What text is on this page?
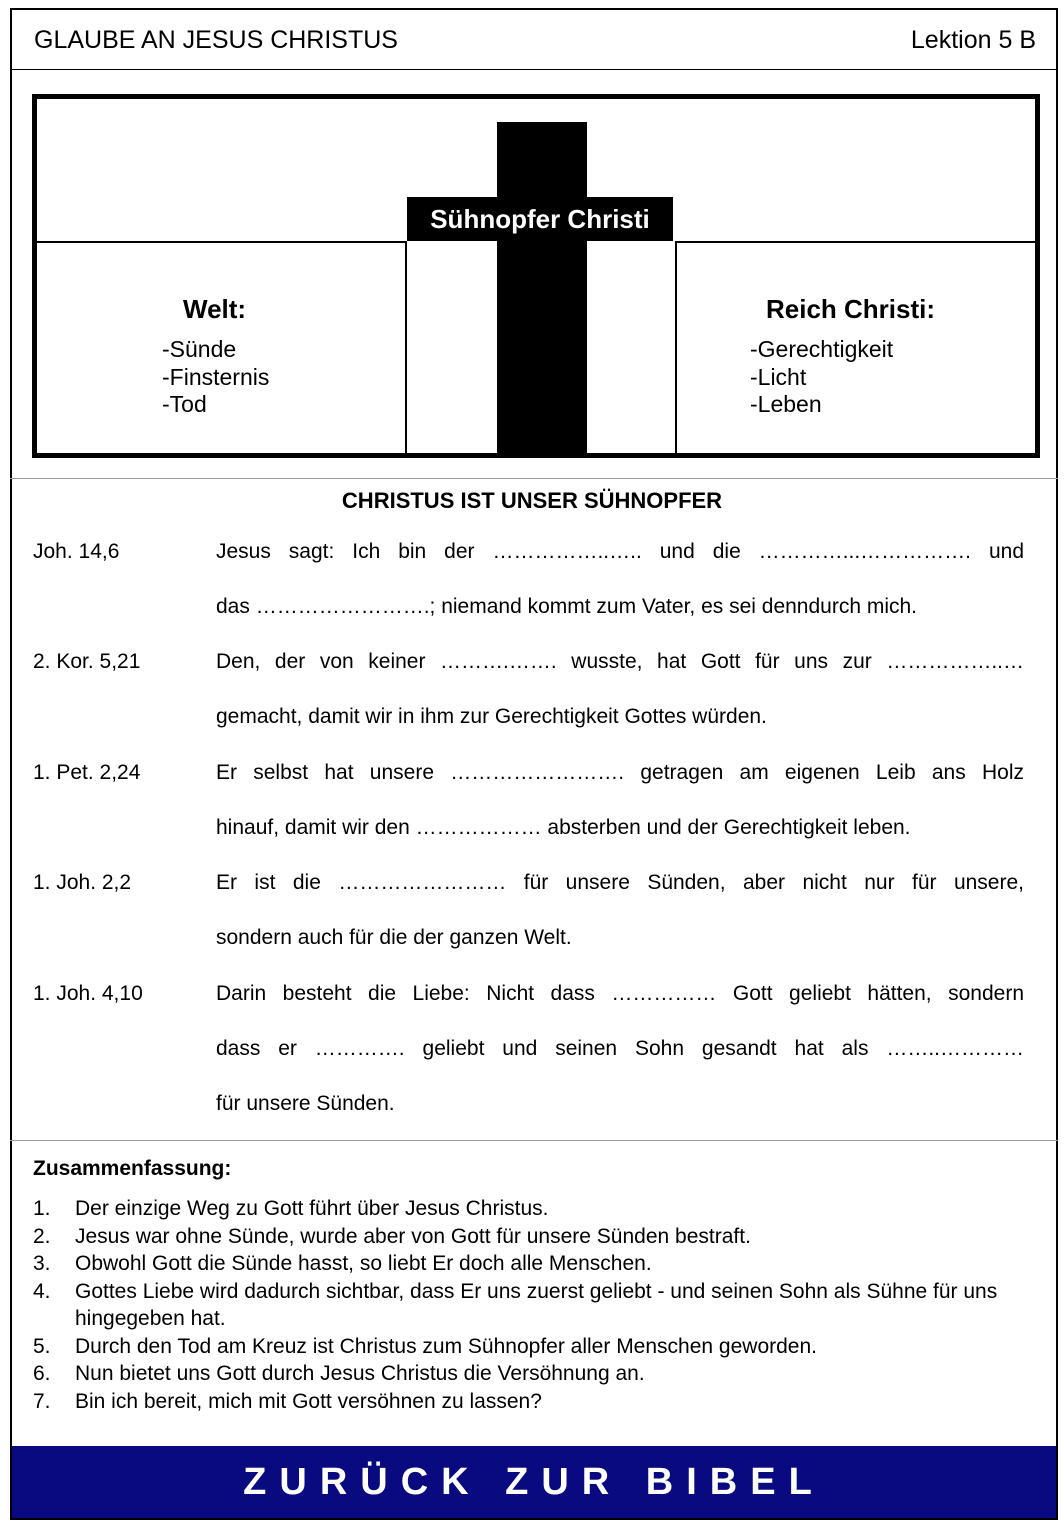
GLAUBE AN JESUS CHRISTUS	Lektion 5 B
Sühnopfer Christi
Welt:
-Sünde
-Finsternis
-Tod
Reich Christi:
-Gerechtigkeit
-Licht
-Leben
ZURÜCK ZUR BIBEL
CHRISTUS IST UNSER SÜHNOPFER
Joh. 14,6	Jesus sagt: Ich bin der ……………..….. und die …………...……………. und
das …………………….; niemand kommt zum Vater, es sei denndurch mich.
2. Kor. 5,21	Den, der von keiner ……….……. wusste, hat Gott für uns zur ……………..…
gemacht, damit wir in ihm zur Gerechtigkeit Gottes würden.
1. Pet. 2,24	Er selbst hat unsere ……………………. getragen am eigenen Leib ans Holz
hinauf, damit wir den ……………… absterben und der Gerechtigkeit leben.
1. Joh. 2,2	Er ist die …………………… für unsere Sünden, aber nicht nur für unsere,
sondern auch für die der ganzen Welt.
1. Joh. 4,10	Darin besteht die Liebe: Nicht dass …………… Gott geliebt hätten, sondern
dass er …………. geliebt und seinen Sohn gesandt hat als ……..…………
für unsere Sünden.
Zusammenfassung:
1. Der einzige Weg zu Gott führt über Jesus Christus.
2. Jesus war ohne Sünde, wurde aber von Gott für unsere Sünden bestraft.
3. Obwohl Gott die Sünde hasst, so liebt Er doch alle Menschen.
4. Gottes Liebe wird dadurch sichtbar, dass Er uns zuerst geliebt - und seinen Sohn als Sühne für uns hingegeben hat.
5. Durch den Tod am Kreuz ist Christus zum Sühnopfer aller Menschen geworden.
6. Nun bietet uns Gott durch Jesus Christus die Versöhnung an.
7. Bin ich bereit, mich mit Gott versöhnen zu lassen?
